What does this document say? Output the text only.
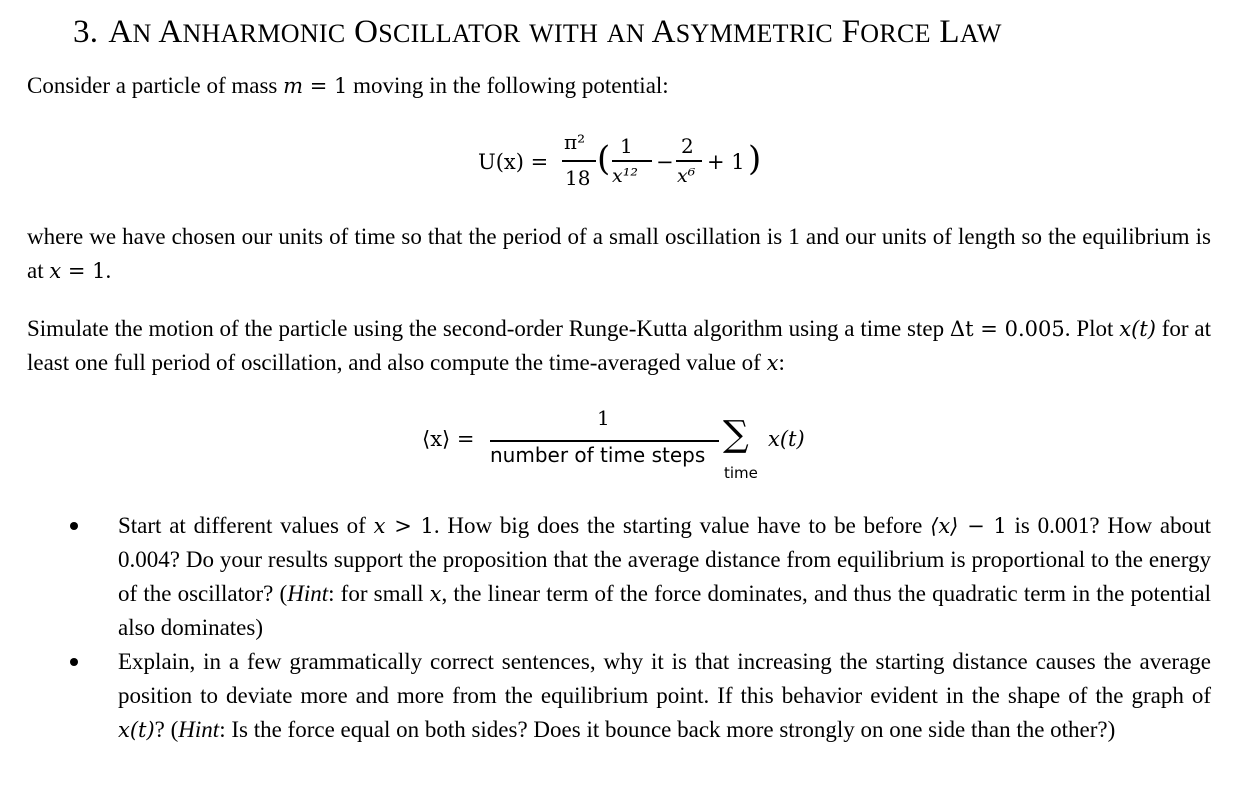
3. AN ANHARMONIC OSCILLATOR WITH AN ASYMMETRIC FORCE LAW
Consider a particle of mass m = 1 moving in the following potential:
U(x) =
π²
18 ( 1
x¹²
−
2
x⁶
+ 1 )
where we have chosen our units of time so that the period of a small oscillation is 1 and our units of length so the equilibrium is at x = 1.
Simulate the motion of the particle using the second-order Runge-Kutta algorithm using a time step Δt = 0.005. Plot x(t) for at least one full period of oscillation, and also compute the time-averaged value of x:
⟨x⟩ =
1
number of time steps ∑
time
x(t)
Start at different values of x > 1. How big does the starting value have to be before ⟨x⟩ − 1 is 0.001? How about 0.004? Do your results support the proposition that the average distance from equilibrium is proportional to the energy of the oscillator? (Hint: for small x, the linear term of the force dominates, and thus the quadratic term in the potential also dominates)
Explain, in a few grammatically correct sentences, why it is that increasing the starting distance causes the average position to deviate more and more from the equilibrium point. If this behavior evident in the shape of the graph of x(t)? (Hint: Is the force equal on both sides? Does it bounce back more strongly on one side than the other?)
